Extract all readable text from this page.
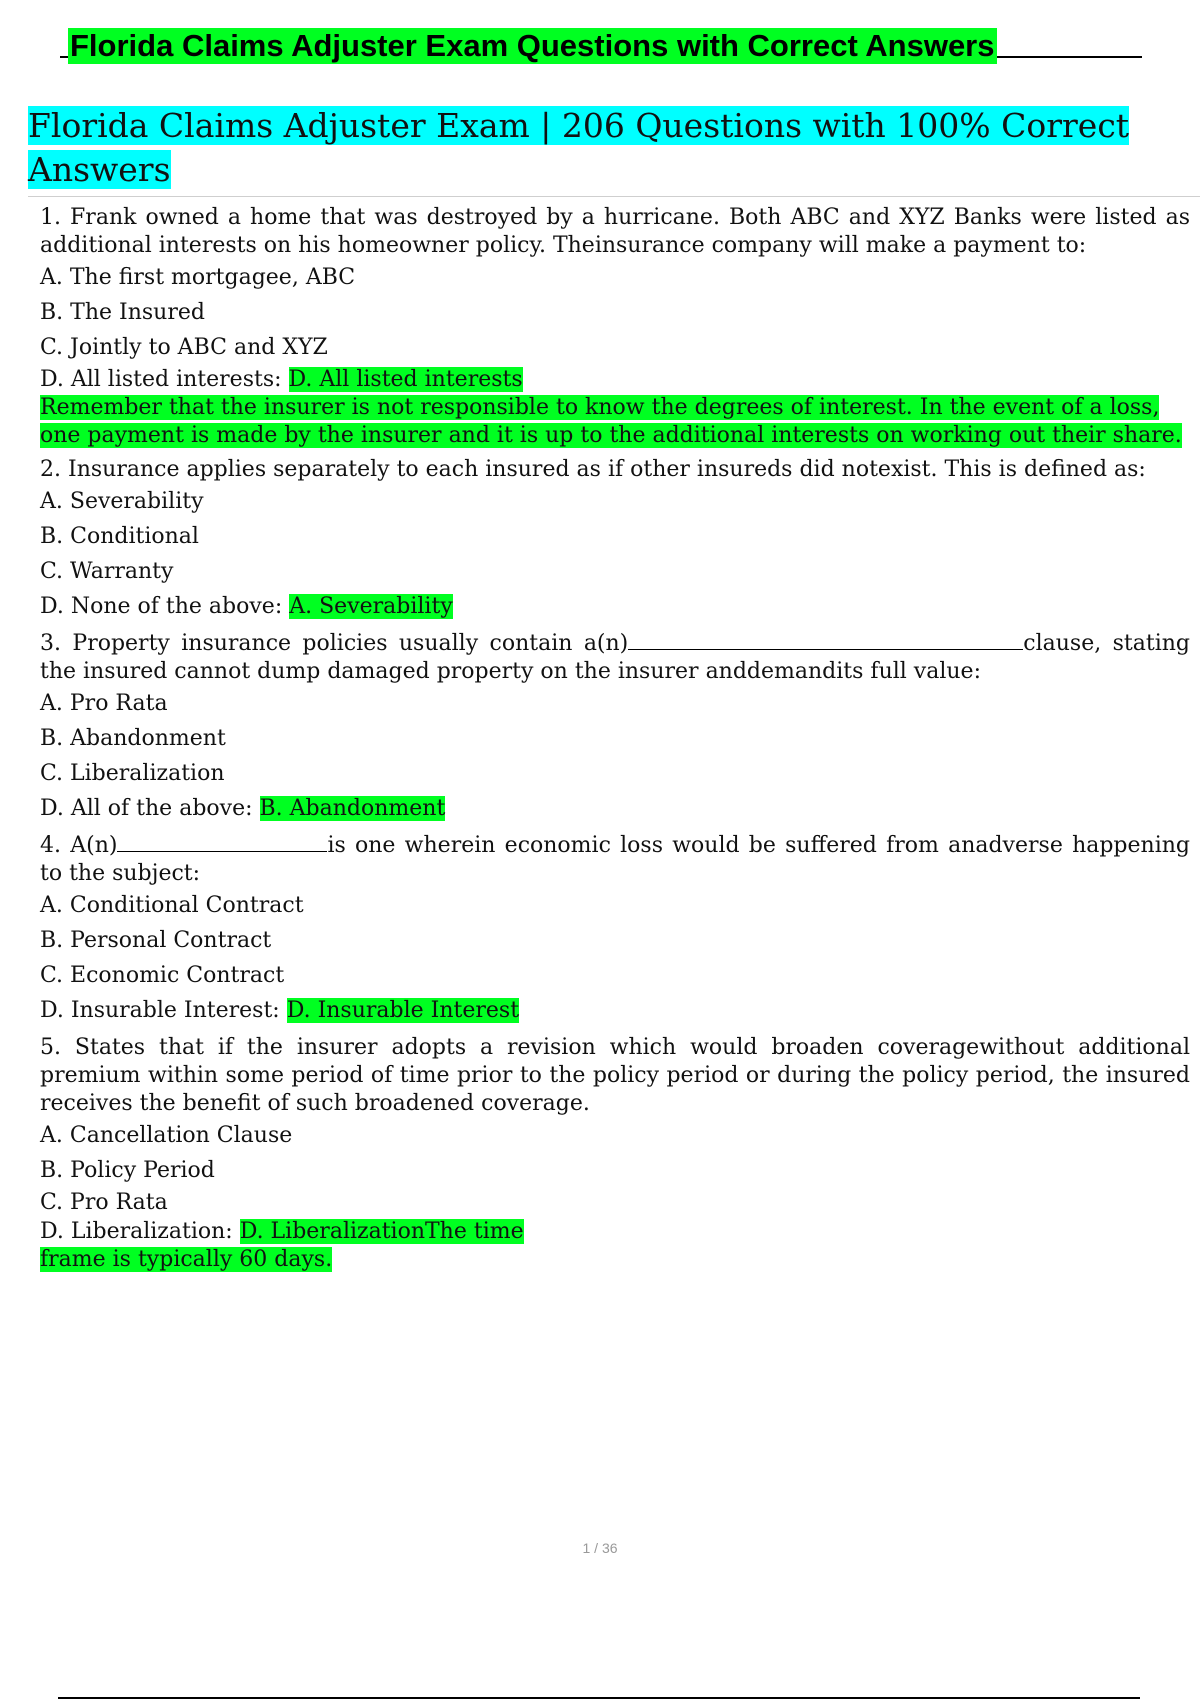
Florida Claims Adjuster Exam Questions with Correct Answers
Florida Claims Adjuster Exam | 206 Questions with 100% Correct Answers

1. Frank owned a home that was destroyed by a hurricane. Both ABC and XYZ Banks were listed as additional interests on his homeowner policy. Theinsurance company will make a payment to:

A. The first mortgagee, ABC

B. The Insured

C. Jointly to ABC and XYZ

D. All listed interests: D. All listed interests

Remember that the insurer is not responsible to know the degrees of interest. In the event of a loss, one payment is made by the insurer and it is up to the additional interests on working out their share.

2. Insurance applies separately to each insured as if other insureds did notexist. This is defined as:

A. Severability

B. Conditional

C. Warranty

D. None of the above: A. Severability

3. Property insurance policies usually contain a(n)	clause, stating the insured cannot dump damaged property on the insurer anddemandits full value:

A. Pro Rata

B. Abandonment

C. Liberalization

D. All of the above: B. Abandonment

4. A(n)	is one wherein economic loss would be suffered from anadverse happening to the subject:

A. Conditional Contract

B. Personal Contract

C. Economic Contract

D. Insurable Interest: D. Insurable Interest

5. States that if the insurer adopts a revision which would broaden coveragewithout additional premium within some period of time prior to the policy period or during the policy period, the insured receives the benefit of such broadened coverage.

A. Cancellation Clause

B. Policy Period

C. Pro Rata

D. Liberalization: D. LiberalizationThe time

frame is typically 60 days.

1 / 36
